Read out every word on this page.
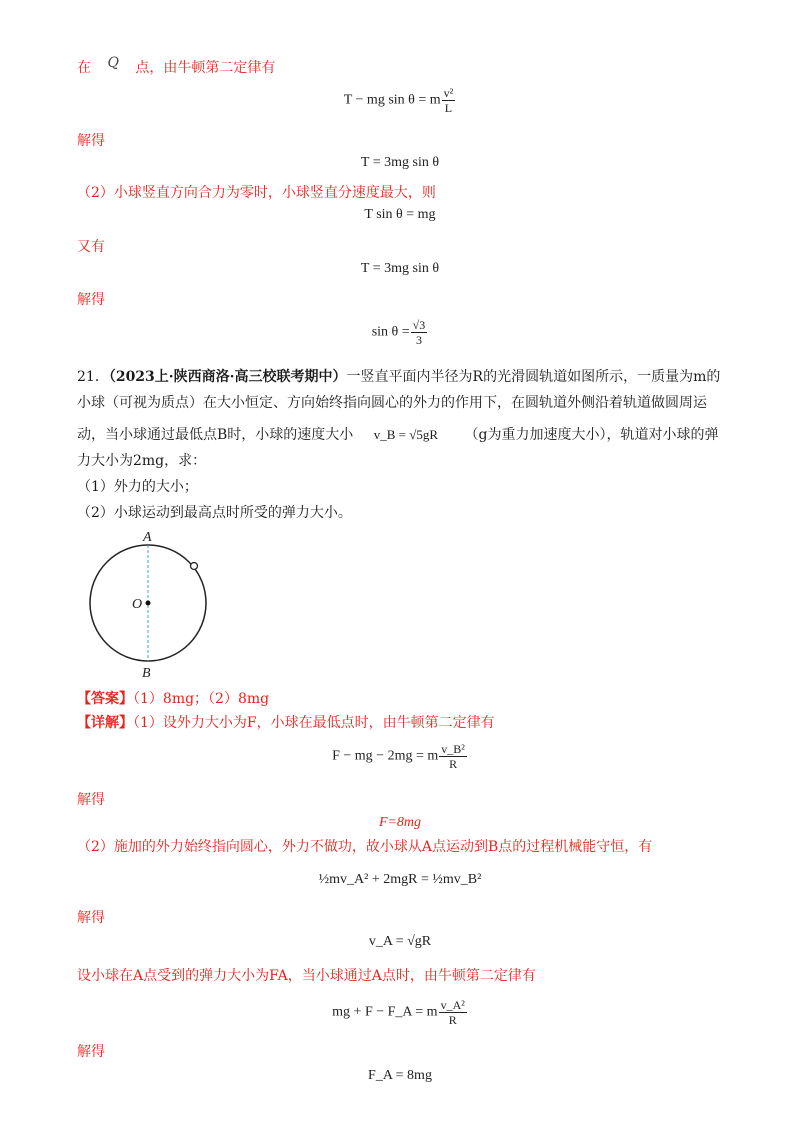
在 Q 点，由牛顿第二定律有
T − mg sin θ = m $\frac{\text{v²}}{L}$
解得
T = 3mg sin θ
（2）小球竖直方向合力为零时，小球竖直分速度最大，则
T sin θ = mg
又有
T = 3mg sin θ
解得
$\sin \theta = \frac{√3}{3}$
21．（2023上·陕西商洛·高三校联考期中）一竖直平面内半径为R的光滑圆轨道如图所示，一质量为m的
小球（可视为质点）在大小恒定、方向始终指向圆心的外力的作用下，在圆轨道外侧沿着轨道做圆周运
动，当小球通过最低点B时，小球的速度大小 v_B = √5gR （g为重力加速度大小），轨道对小球的弹
力大小为2mg，求：
（1）外力的大小；
（2）小球运动到最高点时所受的弹力大小。
A
O
B
【答案】（1）8mg；（2）8mg
【详解】（1）设外力大小为F，小球在最低点时，由牛顿第二定律有
F − mg − 2mg = m $\frac{\text{v\_B²}}{R}$
解得
F=8mg
（2）施加的外力始终指向圆心，外力不做功，故小球从A点运动到B点的过程机械能守恒，有
½mv_A² + 2mgR = ½mv_B²
解得
v_A = √gR
设小球在A点受到的弹力大小为FA，当小球通过A点时，由牛顿第二定律有
mg + F − F_A = m $\frac{\text{v\_A²}}{R}$
解得
F_A = 8mg
